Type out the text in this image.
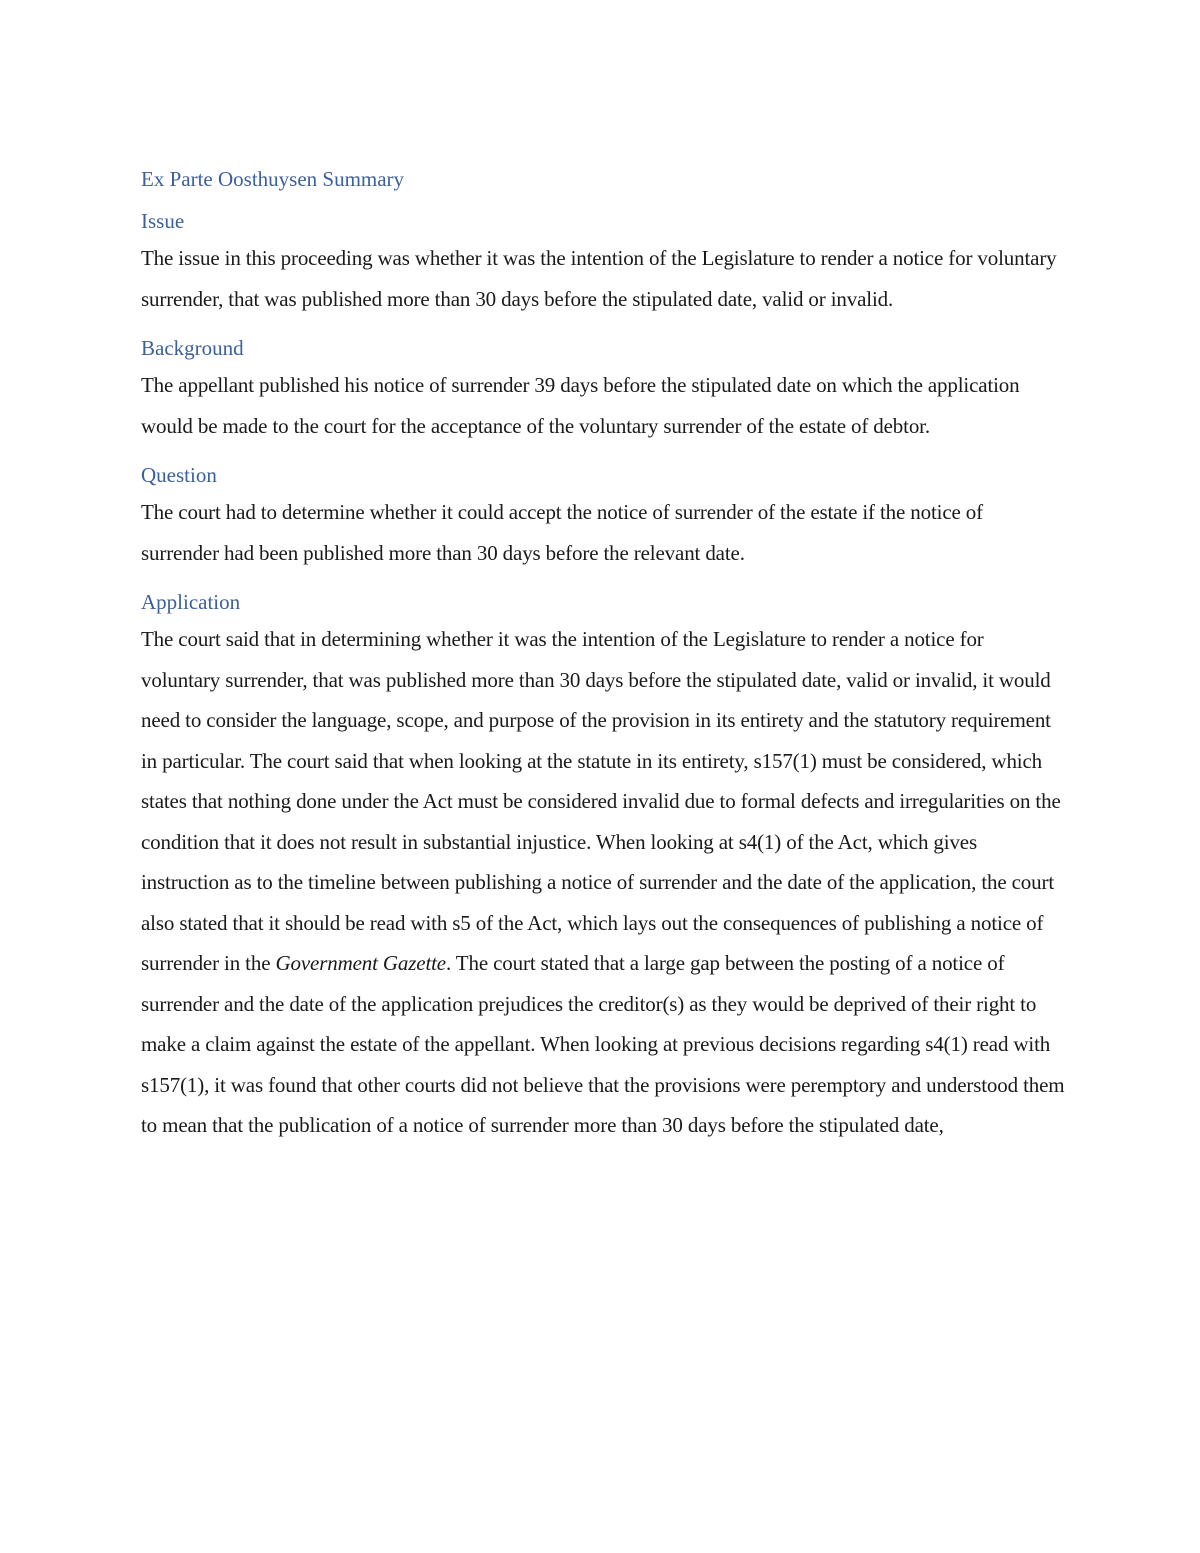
Ex Parte Oosthuysen Summary
Issue

The issue in this proceeding was whether it was the intention of the Legislature to render a notice for voluntary surrender, that was published more than 30 days before the stipulated date, valid or invalid.

Background

The appellant published his notice of surrender 39 days before the stipulated date on which the application would be made to the court for the acceptance of the voluntary surrender of the estate of debtor.

Question

The court had to determine whether it could accept the notice of surrender of the estate if the notice of surrender had been published more than 30 days before the relevant date.

Application

The court said that in determining whether it was the intention of the Legislature to render a notice for voluntary surrender, that was published more than 30 days before the stipulated date, valid or invalid, it would need to consider the language, scope, and purpose of the provision in its entirety and the statutory requirement in particular. The court said that when looking at the statute in its entirety, s157(1) must be considered, which states that nothing done under the Act must be considered invalid due to formal defects and irregularities on the condition that it does not result in substantial injustice. When looking at s4(1) of the Act, which gives instruction as to the timeline between publishing a notice of surrender and the date of the application, the court also stated that it should be read with s5 of the Act, which lays out the consequences of publishing a notice of surrender in the Government Gazette. The court stated that a large gap between the posting of a notice of surrender and the date of the application prejudices the creditor(s) as they would be deprived of their right to make a claim against the estate of the appellant. When looking at previous decisions regarding s4(1) read with s157(1), it was found that other courts did not believe that the provisions were peremptory and understood them to mean that the publication of a notice of surrender more than 30 days before the stipulated date,
